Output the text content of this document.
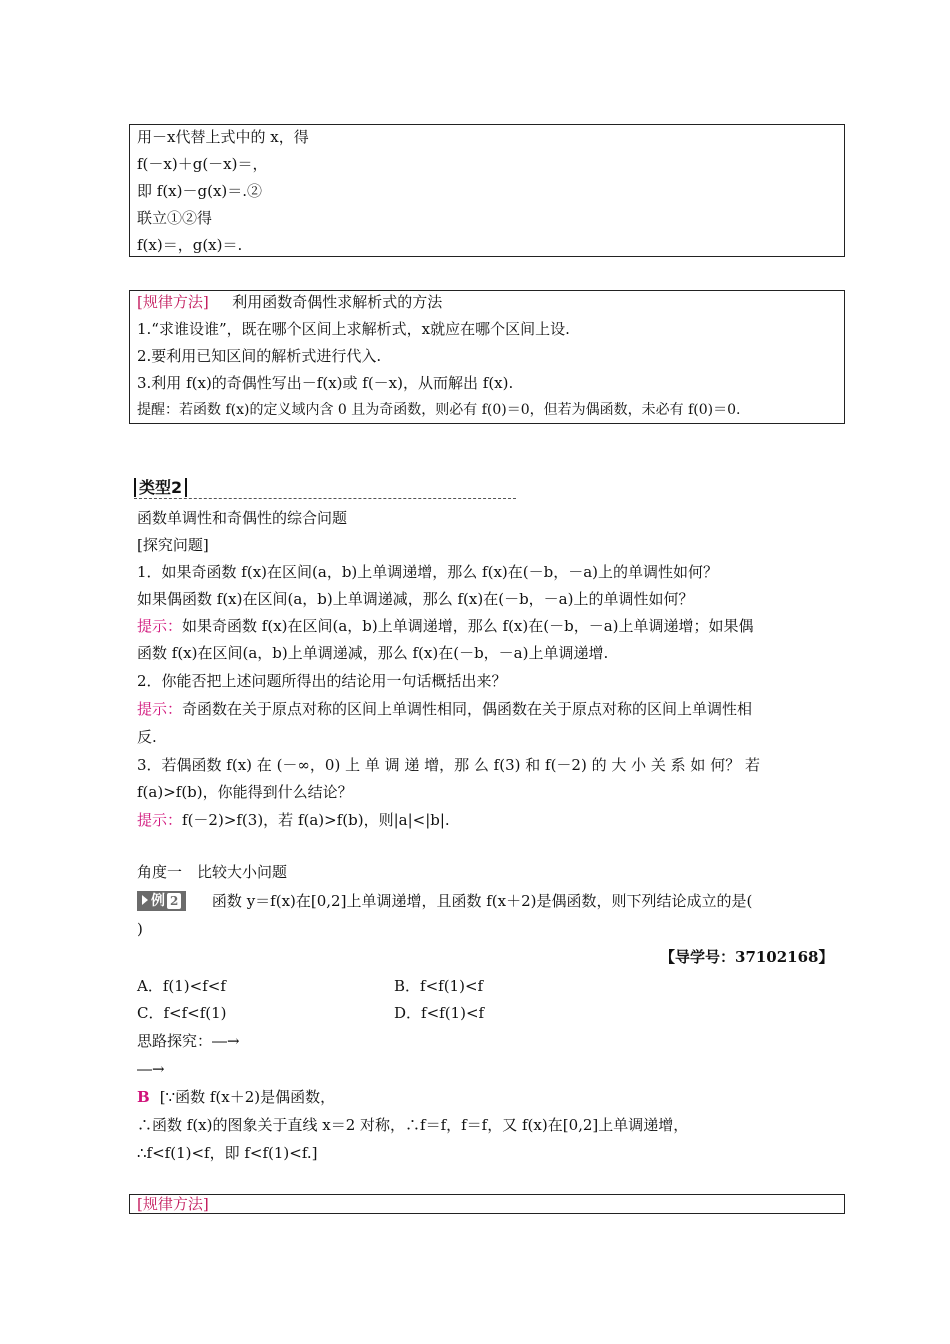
用－x代替上式中的 x，得
f(－x)＋g(－x)＝，
即 f(x)－g(x)＝.②
联立①②得
f(x)＝，g(x)＝.
[规律方法] 利用函数奇偶性求解析式的方法
1.“求谁设谁”，既在哪个区间上求解析式，x就应在哪个区间上设.
2.要利用已知区间的解析式进行代入.
3.利用 f(x)的奇偶性写出－f(x)或 f(－x)，从而解出 f(x).
提醒：若函数 f(x)的定义域内含 0 且为奇函数，则必有 f(0)＝0，但若为偶函数，未必有 f(0)＝0.
类型2
函数单调性和奇偶性的综合问题
[探究问题]
1．如果奇函数 f(x)在区间(a，b)上单调递增，那么 f(x)在(－b，－a)上的单调性如何？
如果偶函数 f(x)在区间(a，b)上单调递减，那么 f(x)在(－b，－a)上的单调性如何？
提示：如果奇函数 f(x)在区间(a，b)上单调递增，那么 f(x)在(－b，－a)上单调递增；如果偶
函数 f(x)在区间(a，b)上单调递减，那么 f(x)在(－b，－a)上单调递增.
2．你能否把上述问题所得出的结论用一句话概括出来？
提示：奇函数在关于原点对称的区间上单调性相同，偶函数在关于原点对称的区间上单调性相
反.
3．若偶函数 f(x) 在 (－∞，0) 上 单 调 递 增，那 么 f(3) 和 f(－2) 的 大 小 关 系 如 何？ 若
f(a)>f(b)，你能得到什么结论？
提示：f(－2)>f(3)，若 f(a)>f(b)，则|a|<|b|.
角度一　比较大小问题
例 2 函数 y＝f(x)在[0,2]上单调递增，且函数 f(x＋2)是偶函数，则下列结论成立的是(
)
【导学号：37102168】
A．f(1)<f<f	B．f<f(1)<f
C．f<f<f(1)	D．f<f(1)<f
思路探究：―→
―→
B [∵函数 f(x＋2)是偶函数，
∴函数 f(x)的图象关于直线 x＝2 对称，∴f＝f，f＝f，又 f(x)在[0,2]上单调递增，
∴f<f(1)<f，即 f<f(1)<f.]
[规律方法]
